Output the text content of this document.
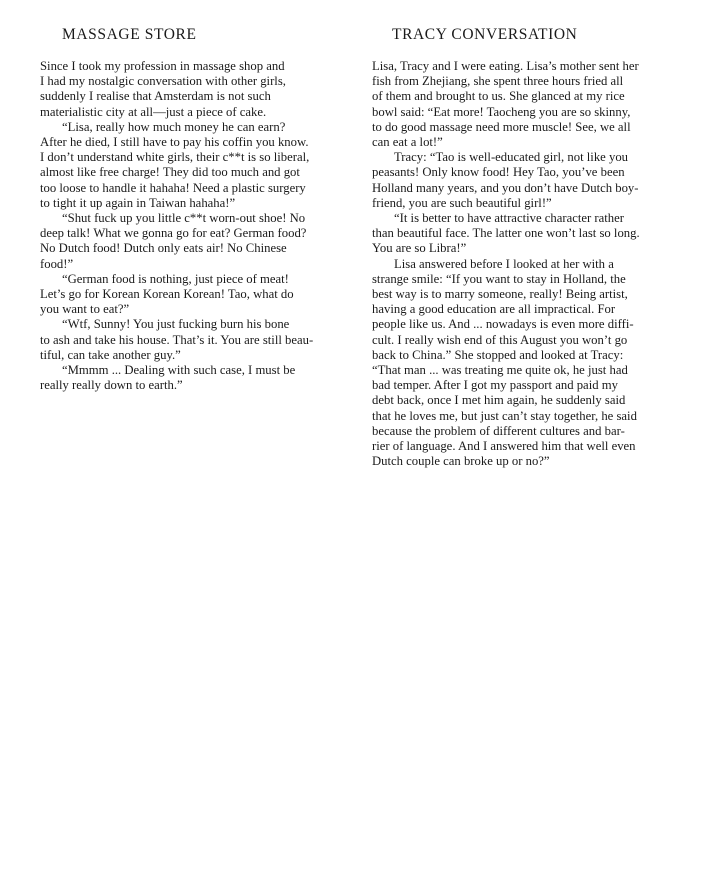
MASSAGE STORE
Since I took my profession in massage shop and
I had my nostalgic conversation with other girls,
suddenly I realise that Amsterdam is not such
materialistic city at all—just a piece of cake.
“Lisa, really how much money he can earn?
After he died, I still have to pay his coffin you know.
I don’t understand white girls, their c**t is so liberal,
almost like free charge! They did too much and got
too loose to handle it hahaha! Need a plastic surgery
to tight it up again in Taiwan hahaha!”
“Shut fuck up you little c**t worn-out shoe! No
deep talk! What we gonna go for eat? German food?
No Dutch food! Dutch only eats air! No Chinese
food!”
“German food is nothing, just piece of meat!
Let’s go for Korean Korean Korean! Tao, what do
you want to eat?”
“Wtf, Sunny! You just fucking burn his bone
to ash and take his house. That’s it. You are still beau-
tiful, can take another guy.”
“Mmmm ... Dealing with such case, I must be
really really down to earth.”
TRACY CONVERSATION
Lisa, Tracy and I were eating. Lisa’s mother sent her
fish from Zhejiang, she spent three hours fried all
of them and brought to us. She glanced at my rice
bowl said: “Eat more! Taocheng you are so skinny,
to do good massage need more muscle! See, we all
can eat a lot!”
Tracy: “Tao is well-educated girl, not like you
peasants! Only know food! Hey Tao, you’ve been
Holland many years, and you don’t have Dutch boy-
friend, you are such beautiful girl!”
“It is better to have attractive character rather
than beautiful face. The latter one won’t last so long.
You are so Libra!”
Lisa answered before I looked at her with a
strange smile: “If you want to stay in Holland, the
best way is to marry someone, really! Being artist,
having a good education are all impractical. For
people like us. And ... nowadays is even more diffi-
cult. I really wish end of this August you won’t go
back to China.” She stopped and looked at Tracy:
“That man ... was treating me quite ok, he just had
bad temper. After I got my passport and paid my
debt back, once I met him again, he suddenly said
that he loves me, but just can’t stay together, he said
because the problem of different cultures and bar-
rier of language. And I answered him that well even
Dutch couple can broke up or no?”
